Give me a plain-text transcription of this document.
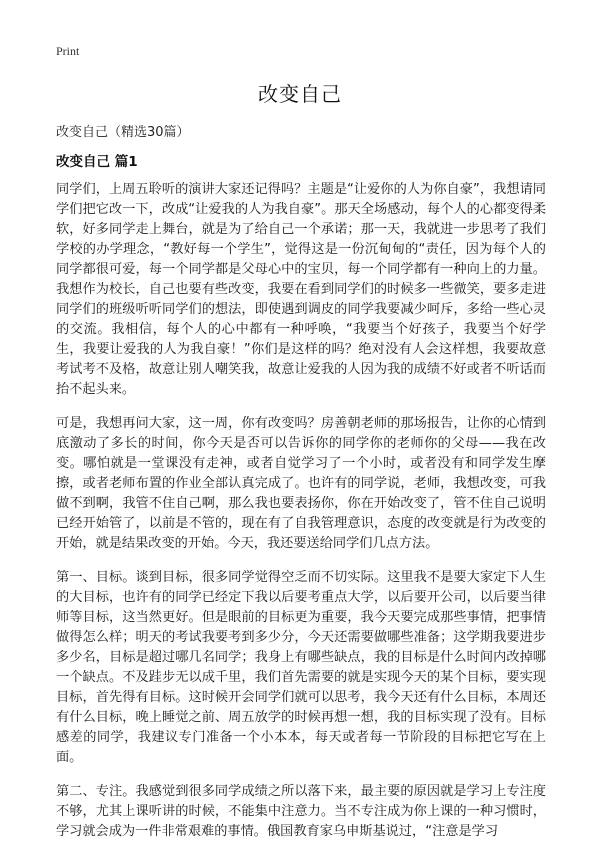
Print
改变自己
改变自己（精选30篇）
改变自己 篇1

同学们，上周五聆听的演讲大家还记得吗？主题是“让爱你的人为你自豪”，我想请同学们把它改一下，改成“让爱我的人为我自豪”。那天全场感动，每个人的心都变得柔软，好多同学走上舞台，就是为了给自己一个承诺；那一天，我就进一步思考了我们学校的办学理念，“教好每一个学生”，觉得这是一份沉甸甸的“责任，因为每个人的同学都很可爱，每一个同学都是父母心中的宝贝，每一个同学都有一种向上的力量。我想作为校长，自己也要有些改变，我要在看到同学们的时候多一些微笑，要多走进同学们的班级听听同学们的想法，即使遇到调皮的同学我要减少呵斥，多给一些心灵的交流。我相信，每个人的心中都有一种呼唤，“我要当个好孩子，我要当个好学生，我要让爱我的人为我自豪！”你们是这样的吗？绝对没有人会这样想，我要故意考试考不及格，故意让别人嘲笑我，故意让爱我的人因为我的成绩不好或者不听话而抬不起头来。

可是，我想再问大家，这一周，你有改变吗？房善朝老师的那场报告，让你的心情到底激动了多长的时间，你今天是否可以告诉你的同学你的老师你的父母——我在改变。哪怕就是一堂课没有走神，或者自觉学习了一个小时，或者没有和同学发生摩擦，或者老师布置的作业全部认真完成了。也许有的同学说，老师，我想改变，可我做不到啊，我管不住自己啊，那么我也要表扬你，你在开始改变了，管不住自己说明已经开始管了，以前是不管的，现在有了自我管理意识，态度的改变就是行为改变的开始，就是结果改变的开始。今天，我还要送给同学们几点方法。

第一、目标。谈到目标，很多同学觉得空乏而不切实际。这里我不是要大家定下人生的大目标，也许有的同学已经定下我以后要考重点大学，以后要开公司，以后要当律师等目标，这当然更好。但是眼前的目标更为重要，我今天要完成那些事情，把事情做得怎么样；明天的考试我要考到多少分，今天还需要做哪些准备；这学期我要进步多少名，目标是超过哪几名同学；我身上有哪些缺点，我的目标是什么时间内改掉哪一个缺点。不及跬步无以成千里，我们首先需要的就是实现今天的某个目标，要实现目标，首先得有目标。这时候开会同学们就可以思考，我今天还有什么目标，本周还有什么目标，晚上睡觉之前、周五放学的时候再想一想，我的目标实现了没有。目标感差的同学，我建议专门准备一个小本本，每天或者每一节阶段的目标把它写在上面。

第二、专注。我感觉到很多同学成绩之所以落下来，最主要的原因就是学习上专注度不够，尤其上课听讲的时候，不能集中注意力。当不专注成为你上课的一种习惯时，学习就会成为一件非常艰难的事情。俄国教育家乌申斯基说过，“注意是学习
